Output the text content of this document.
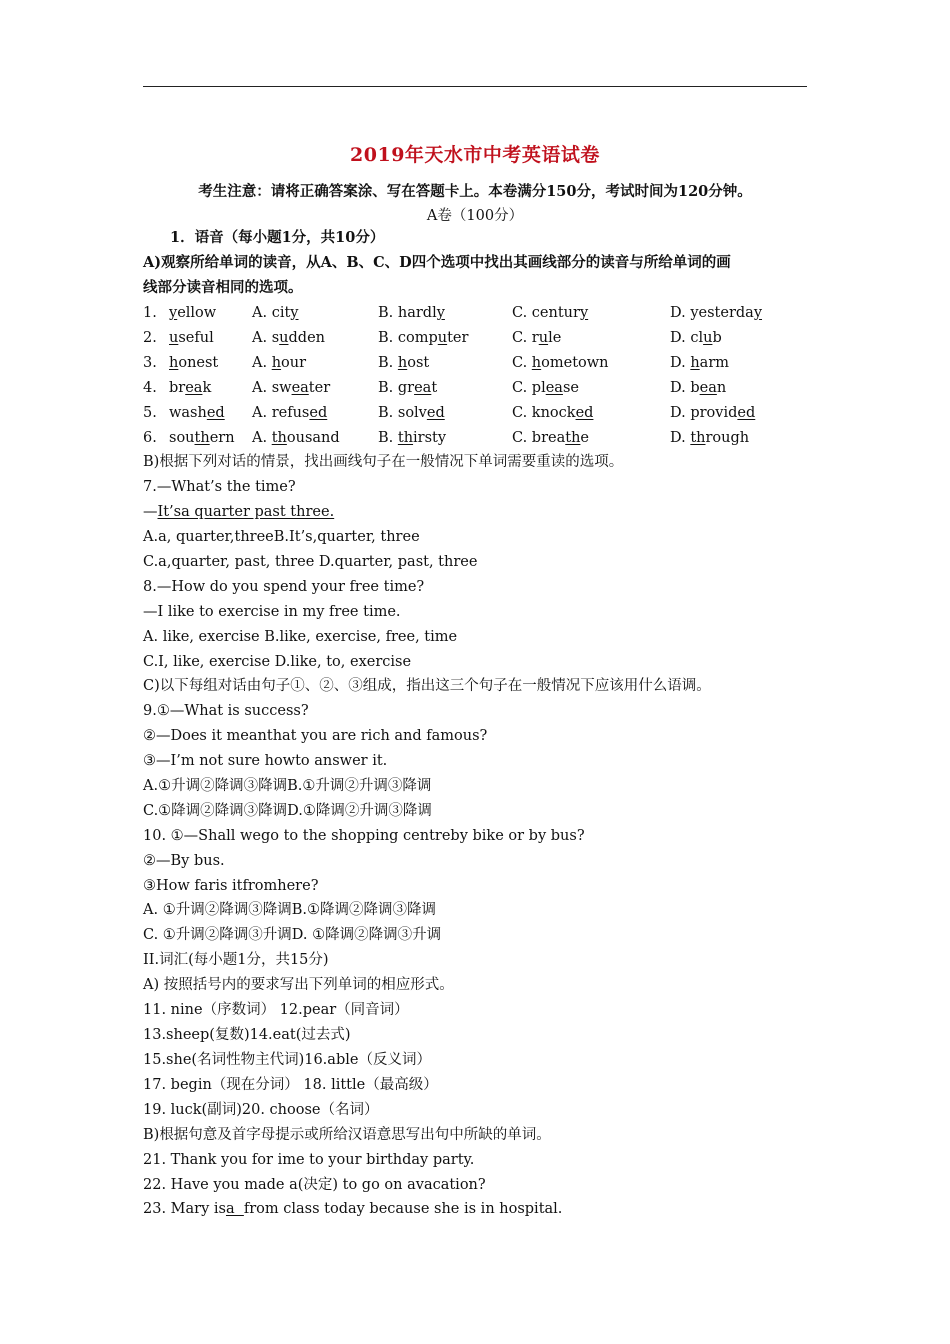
2019年天水市中考英语试卷
考生注意：请将正确答案涂、写在答题卡上。本卷满分150分，考试时间为120分钟。
A卷（100分）
1．语音（每小题1分，共10分）
A)观察所给单词的读音，从A、B、C、D四个选项中找出其画线部分的读音与所给单词的画
线部分读音相同的选项。
1. yellow A. city	B. hardly	C. century	D. yesterday
2. useful	A. sudden	B. computer	C. rule	D. club
3. honest A. hour	B. host	C. hometown	D. harm
4. break	A. sweater	B. great	C. please	D. bean
5. washed A. refused	B. solved	C. knocked	D. provided
6. southern A. thousand	B. thirsty	C. breathe	D. through
B)根据下列对话的情景，找出画线句子在一般情况下单词需要重读的选项。
7.—What’s the time?
—It’sa quarter past three.
A.a, quarter,threeB.It’s,quarter, three
C.a,quarter, past, three D.quarter, past, three
8.—How do you spend your free time?
—I like to exercise in my free time.
A. like, exercise B.like, exercise, free, time
C.I, like, exercise D.like, to, exercise
C)以下每组对话由句子①、②、③组成，指出这三个句子在一般情况下应该用什么语调。
9.①—What is success?
②—Does it meanthat you are rich and famous?
③—I’m not sure howto answer it.
A.①升调②降调③降调B.①升调②升调③降调
C.①降调②降调③降调D.①降调②升调③降调
10. ①—Shall wego to the shopping centreby bike or by bus?
②—By bus.
③How faris itfromhere?
A. ①升调②降调③降调B.①降调②降调③降调
C. ①升调②降调③升调D. ①降调②降调③升调
II.词汇(每小题1分，共15分)
A) 按照括号内的要求写出下列单词的相应形式。
11. nine（序数词） 12.pear（同音词）
13.sheep(复数)14.eat(过去式)
15.she(名词性物主代词)16.able（反义词）
17. begin（现在分词） 18. little（最高级）
19. luck(副词)20. choose（名词）
B)根据句意及首字母提示或所给汉语意思写出句中所缺的单词。
21. Thank you for ime to your birthday party.
22. Have you made a(决定) to go on avacation?
23. Mary isa  from class today because she is in hospital.
